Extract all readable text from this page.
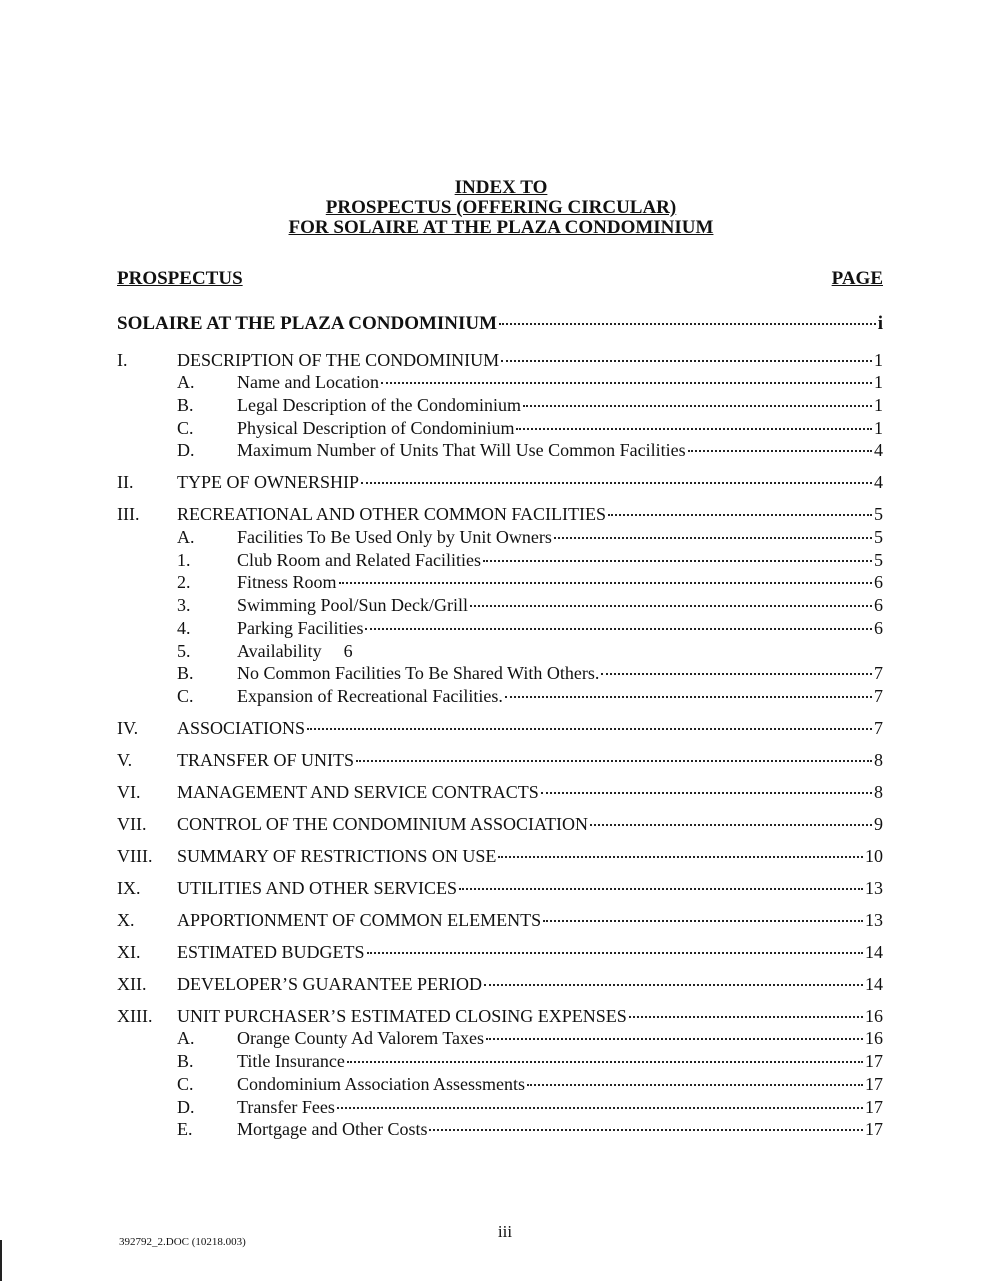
INDEX TO
PROSPECTUS (OFFERING CIRCULAR)
FOR SOLAIRE AT THE PLAZA CONDOMINIUM
PROSPECTUS	PAGE
SOLAIRE AT THE PLAZA CONDOMINIUM	i
I.	DESCRIPTION OF THE CONDOMINIUM	1
A.	Name and Location	1
B.	Legal Description of the Condominium	1
C.	Physical Description of Condominium	1
D.	Maximum Number of Units That Will Use Common Facilities	4
II.	TYPE OF OWNERSHIP	4
III.	RECREATIONAL AND OTHER COMMON FACILITIES	5
A.	Facilities To Be Used Only by Unit Owners	5
1.	Club Room and Related Facilities	5
2.	Fitness Room	6
3.	Swimming Pool/Sun Deck/Grill	6
4.	Parking Facilities	6
5.	Availability 6
B.	No Common Facilities To Be Shared With Others.	7
C.	Expansion of Recreational Facilities.	7
IV.	ASSOCIATIONS	7
V.	TRANSFER OF UNITS	8
VI.	MANAGEMENT AND SERVICE CONTRACTS	8
VII.	CONTROL OF THE CONDOMINIUM ASSOCIATION	9
VIII.	SUMMARY OF RESTRICTIONS ON USE	10
IX.	UTILITIES AND OTHER SERVICES	13
X.	APPORTIONMENT OF COMMON ELEMENTS	13
XI.	ESTIMATED BUDGETS	14
XII.	DEVELOPER’S GUARANTEE PERIOD	14
XIII.	UNIT PURCHASER’S ESTIMATED CLOSING EXPENSES	16
A.	Orange County Ad Valorem Taxes	16
B.	Title Insurance	17
C.	Condominium Association Assessments	17
D.	Transfer Fees	17
E.	Mortgage and Other Costs	17
392792_2.DOC (10218.003)
iii
